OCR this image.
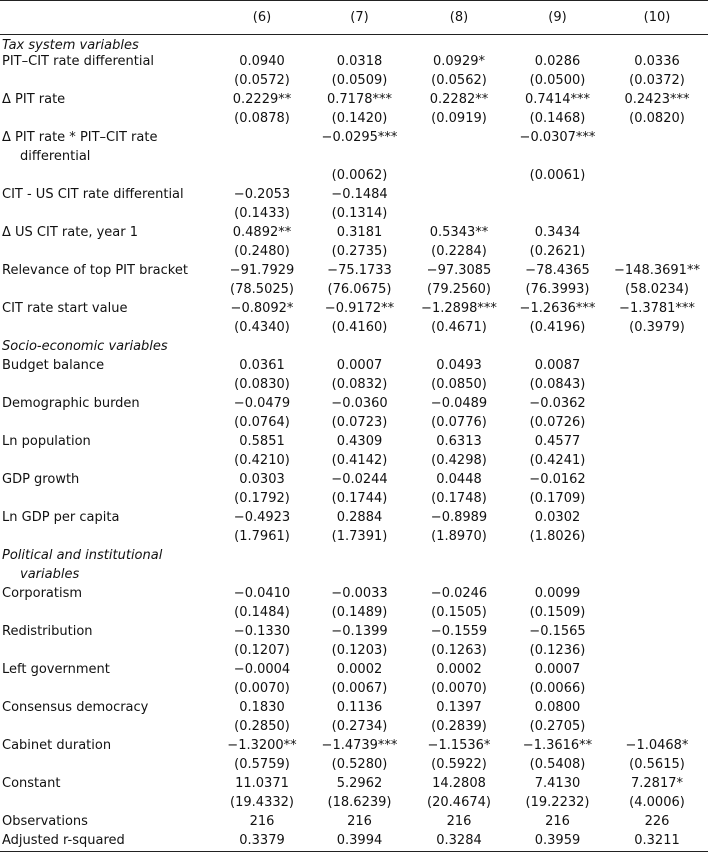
	(6)	(7)	(8)	(9)	(10)
Tax system variables					
PIT–CIT rate differential	0.0940	0.0318	0.0929*	0.0286	0.0336
	(0.0572)	(0.0509)	(0.0562)	(0.0500)	(0.0372)
Δ PIT rate	0.2229**	0.7178***	0.2282**	0.7414***	0.2423***
	(0.0878)	(0.1420)	(0.0919)	(0.1468)	(0.0820)
Δ PIT rate * PIT–CIT rate		−0.0295***		−0.0307***	
differential					
		(0.0062)		(0.0061)	
CIT - US CIT rate differential	−0.2053	−0.1484			
	(0.1433)	(0.1314)			
Δ US CIT rate, year 1	0.4892**	0.3181	0.5343**	0.3434	
	(0.2480)	(0.2735)	(0.2284)	(0.2621)	
Relevance of top PIT bracket	−91.7929	−75.1733	−97.3085	−78.4365	−148.3691**
	(78.5025)	(76.0675)	(79.2560)	(76.3993)	(58.0234)
CIT rate start value	−0.8092*	−0.9172**	−1.2898***	−1.2636***	−1.3781***
	(0.4340)	(0.4160)	(0.4671)	(0.4196)	(0.3979)
Socio-economic variables					
Budget balance	0.0361	0.0007	0.0493	0.0087	
	(0.0830)	(0.0832)	(0.0850)	(0.0843)	
Demographic burden	−0.0479	−0.0360	−0.0489	−0.0362	
	(0.0764)	(0.0723)	(0.0776)	(0.0726)	
Ln population	0.5851	0.4309	0.6313	0.4577	
	(0.4210)	(0.4142)	(0.4298)	(0.4241)	
GDP growth	0.0303	−0.0244	0.0448	−0.0162	
	(0.1792)	(0.1744)	(0.1748)	(0.1709)	
Ln GDP per capita	−0.4923	0.2884	−0.8989	0.0302	
	(1.7961)	(1.7391)	(1.8970)	(1.8026)	
Political and institutional					
variables					
Corporatism	−0.0410	−0.0033	−0.0246	0.0099	
	(0.1484)	(0.1489)	(0.1505)	(0.1509)	
Redistribution	−0.1330	−0.1399	−0.1559	−0.1565	
	(0.1207)	(0.1203)	(0.1263)	(0.1236)	
Left government	−0.0004	0.0002	0.0002	0.0007	
	(0.0070)	(0.0067)	(0.0070)	(0.0066)	
Consensus democracy	0.1830	0.1136	0.1397	0.0800	
	(0.2850)	(0.2734)	(0.2839)	(0.2705)	
Cabinet duration	−1.3200**	−1.4739***	−1.1536*	−1.3616**	−1.0468*
	(0.5759)	(0.5280)	(0.5922)	(0.5408)	(0.5615)
Constant	11.0371	5.2962	14.2808	7.4130	7.2817*
	(19.4332)	(18.6239)	(20.4674)	(19.2232)	(4.0006)
Observations	216	216	216	216	226
Adjusted r-squared	0.3379	0.3994	0.3284	0.3959	0.3211
